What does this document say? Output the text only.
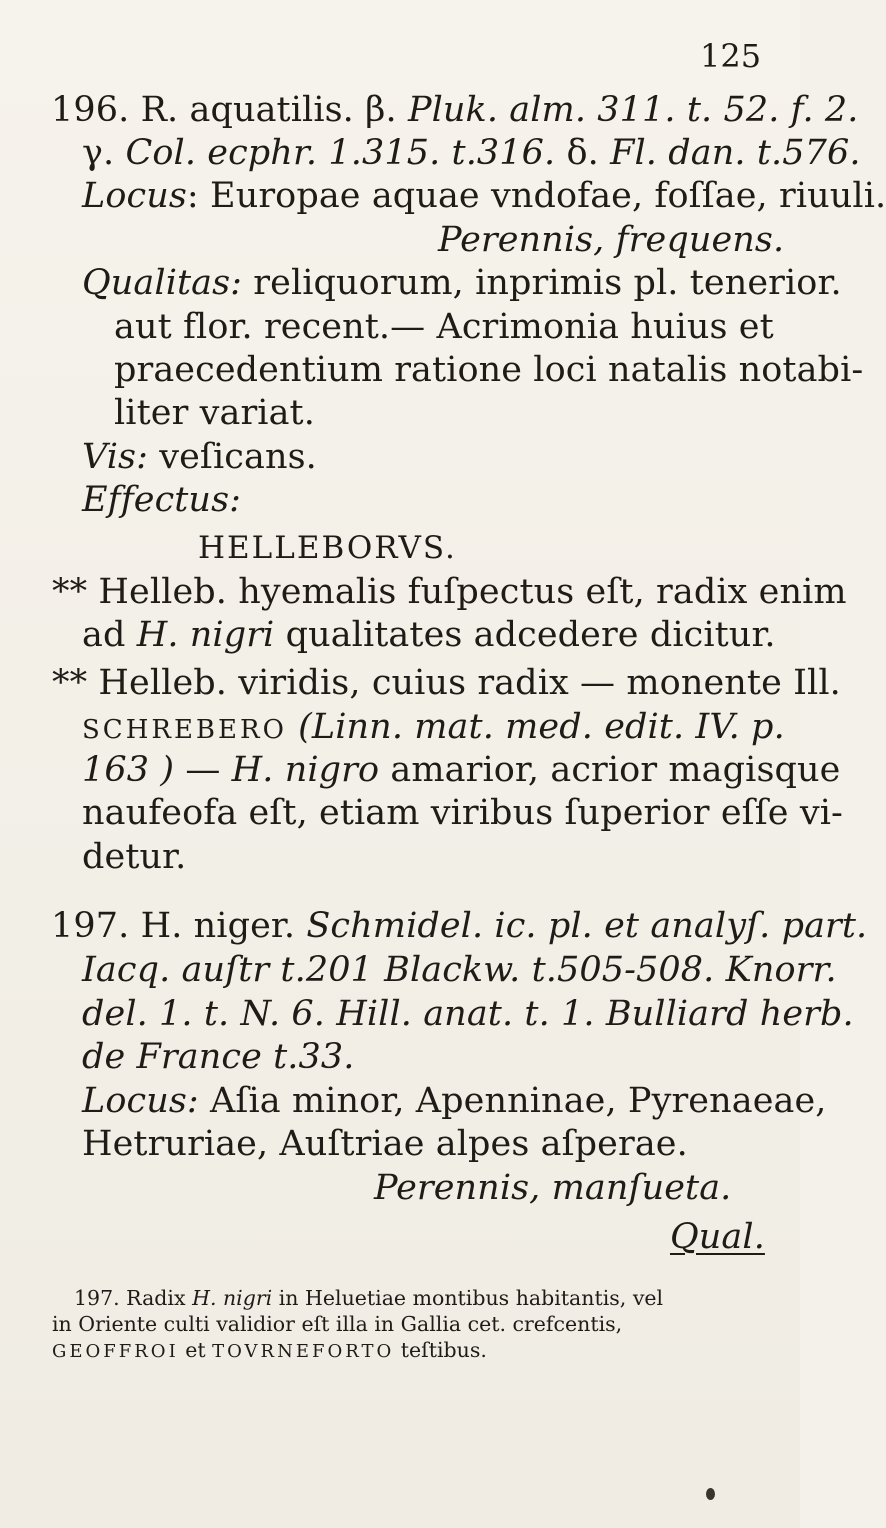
125
196. R. aquatilis. β. Pluk. alm. 311. t. 52. f. 2.
γ. Col. ecphr. 1.315. t.316. δ. Fl. dan. t.576.
Locus: Europae aquae vndofae, foſſae, riuuli.
Perennis, frequens.
Qualitas: reliquorum, inprimis pl. tenerior.
aut flor. recent.— Acrimonia huius et
praecedentium ratione loci natalis notabi-
liter variat.
Vis: veſicans.
Effectus:
HELLEBORVS.
** Helleb. hyemalis fuſpectus eſt, radix enim
ad H. nigri qualitates adcedere dicitur.
** Helleb. viridis, cuius radix — monente Ill.
SCHREBERO (Linn. mat. med. edit. IV. p.
163 ) — H. nigro amarior, acrior magisque
naufeofa eſt, etiam viribus ſuperior eſſe vi-
detur.
197. H. niger. Schmidel. ic. pl. et analyſ. part.
Iacq. auſtr t.201 Blackw. t.505-508. Knorr.
del. 1. t. N. 6. Hill. anat. t. 1. Bulliard herb.
de France t.33.
Locus: Aſia minor, Apenninae, Pyrenaeae,
Hetruriae, Auſtriae alpes aſperae.
Perennis, manſueta.
Qual.
197. Radix H. nigri in Heluetiae montibus habitantis, vel
in Oriente culti validior eſt illa in Gallia cet. crefcentis,
GEOFFROI et TOVRNEFORTO teſtibus.
